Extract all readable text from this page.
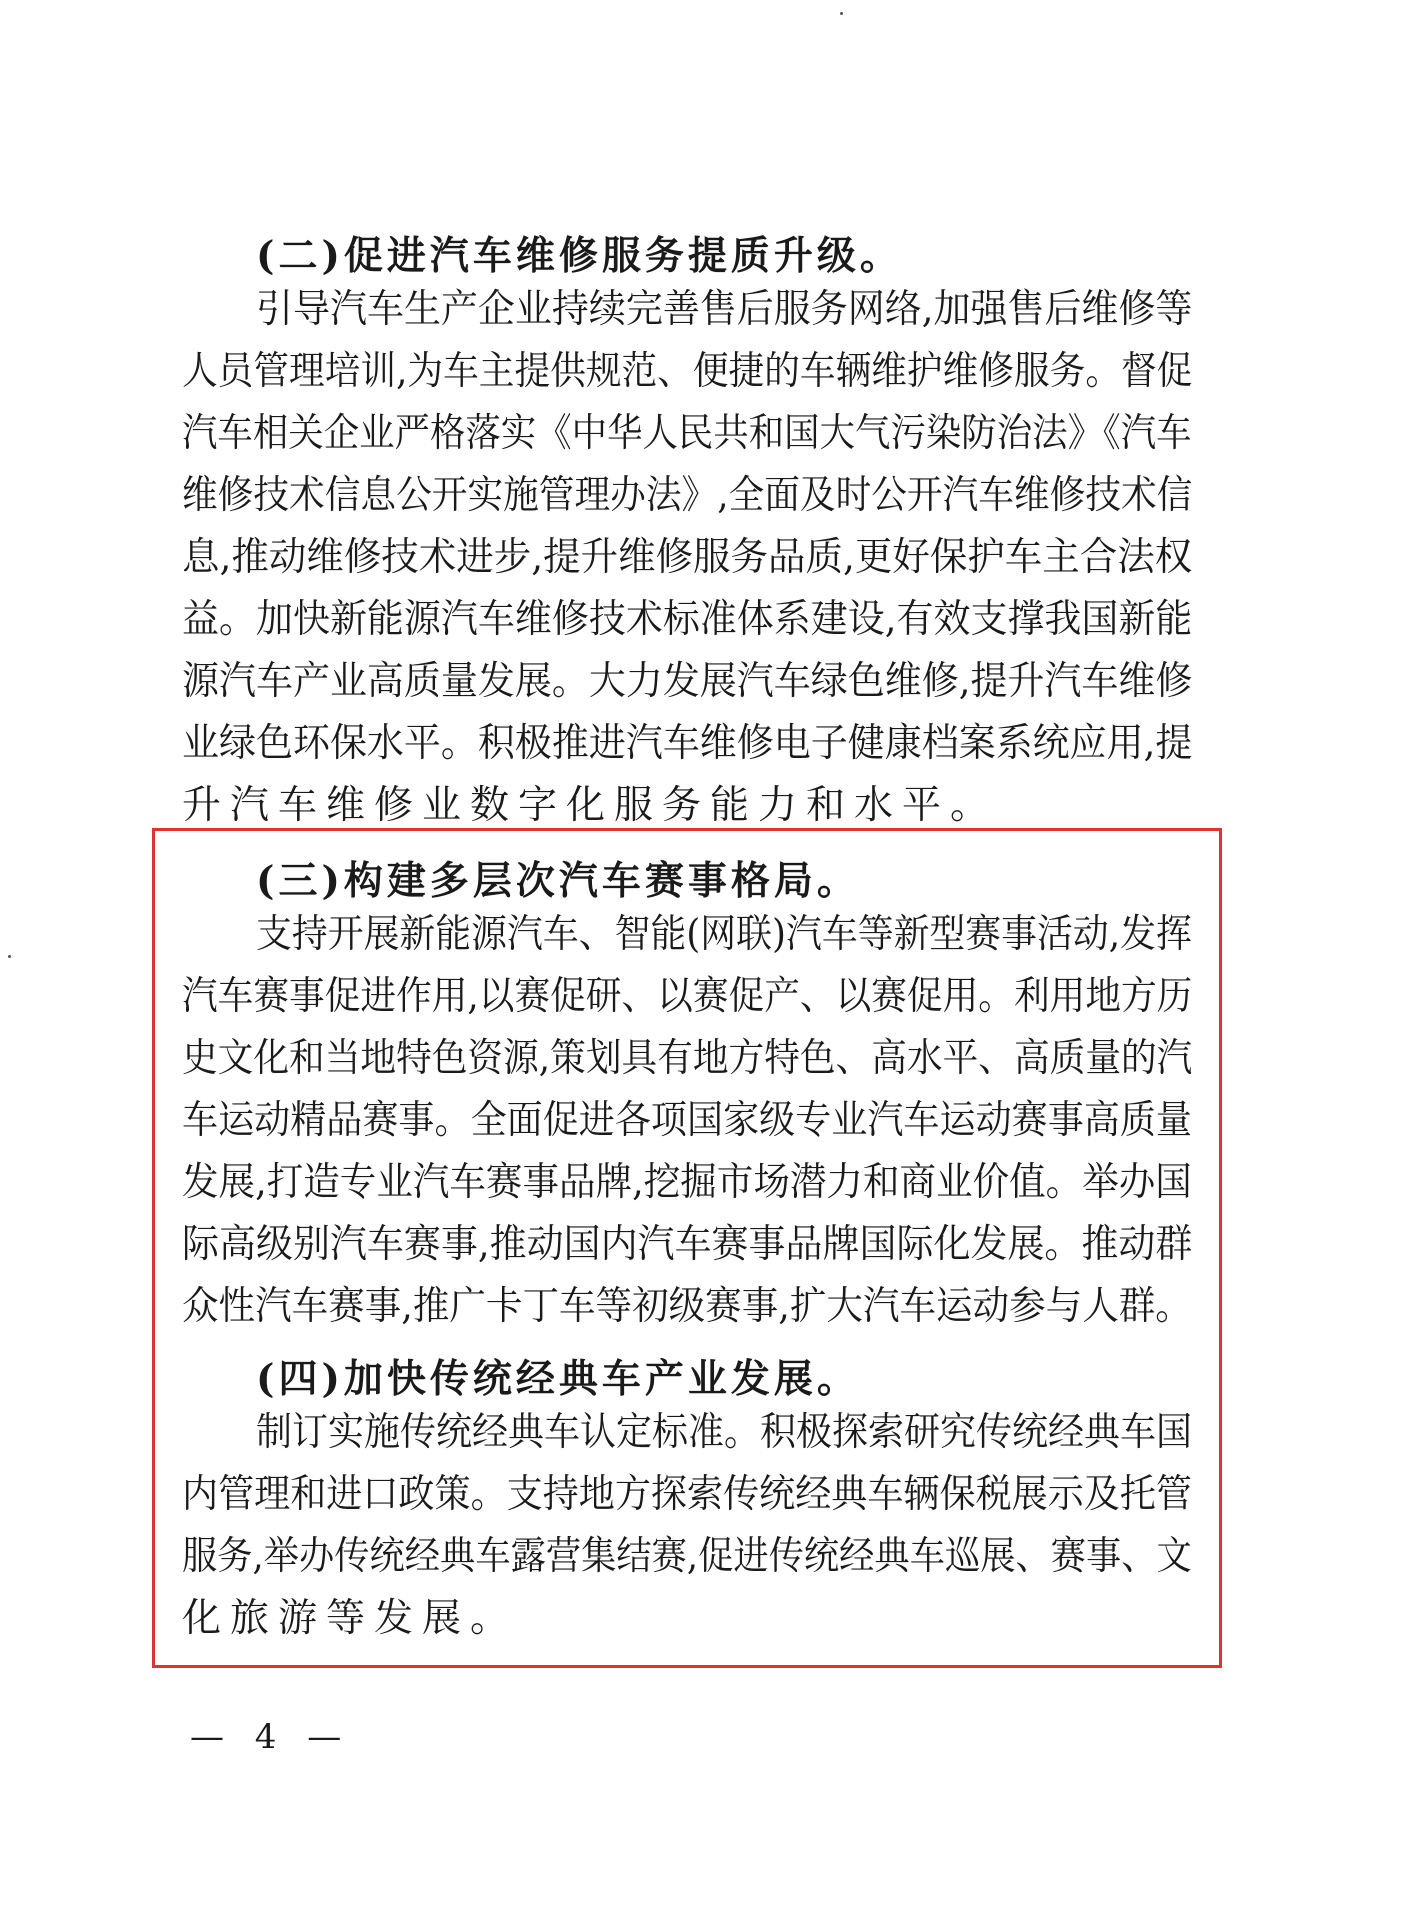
(二)促进汽车维修服务提质升级。
引导汽车生产企业持续完善售后服务网络,加强售后维修等
人员管理培训,为车主提供规范、便捷的车辆维护维修服务。督促
汽车相关企业严格落实《中华人民共和国大气污染防治法》《汽车
维修技术信息公开实施管理办法》,全面及时公开汽车维修技术信
息,推动维修技术进步,提升维修服务品质,更好保护车主合法权
益。加快新能源汽车维修技术标准体系建设,有效支撑我国新能
源汽车产业高质量发展。大力发展汽车绿色维修,提升汽车维修
业绿色环保水平。积极推进汽车维修电子健康档案系统应用,提
升汽车维修业数字化服务能力和水平。
(三)构建多层次汽车赛事格局。
支持开展新能源汽车、智能(网联)汽车等新型赛事活动,发挥
汽车赛事促进作用,以赛促研、以赛促产、以赛促用。利用地方历
史文化和当地特色资源,策划具有地方特色、高水平、高质量的汽
车运动精品赛事。全面促进各项国家级专业汽车运动赛事高质量
发展,打造专业汽车赛事品牌,挖掘市场潜力和商业价值。举办国
际高级别汽车赛事,推动国内汽车赛事品牌国际化发展。推动群
众性汽车赛事,推广卡丁车等初级赛事,扩大汽车运动参与人群。
(四)加快传统经典车产业发展。
制订实施传统经典车认定标准。积极探索研究传统经典车国
内管理和进口政策。支持地方探索传统经典车辆保税展示及托管
服务,举办传统经典车露营集结赛,促进传统经典车巡展、赛事、文
化旅游等发展。
— 4 —
